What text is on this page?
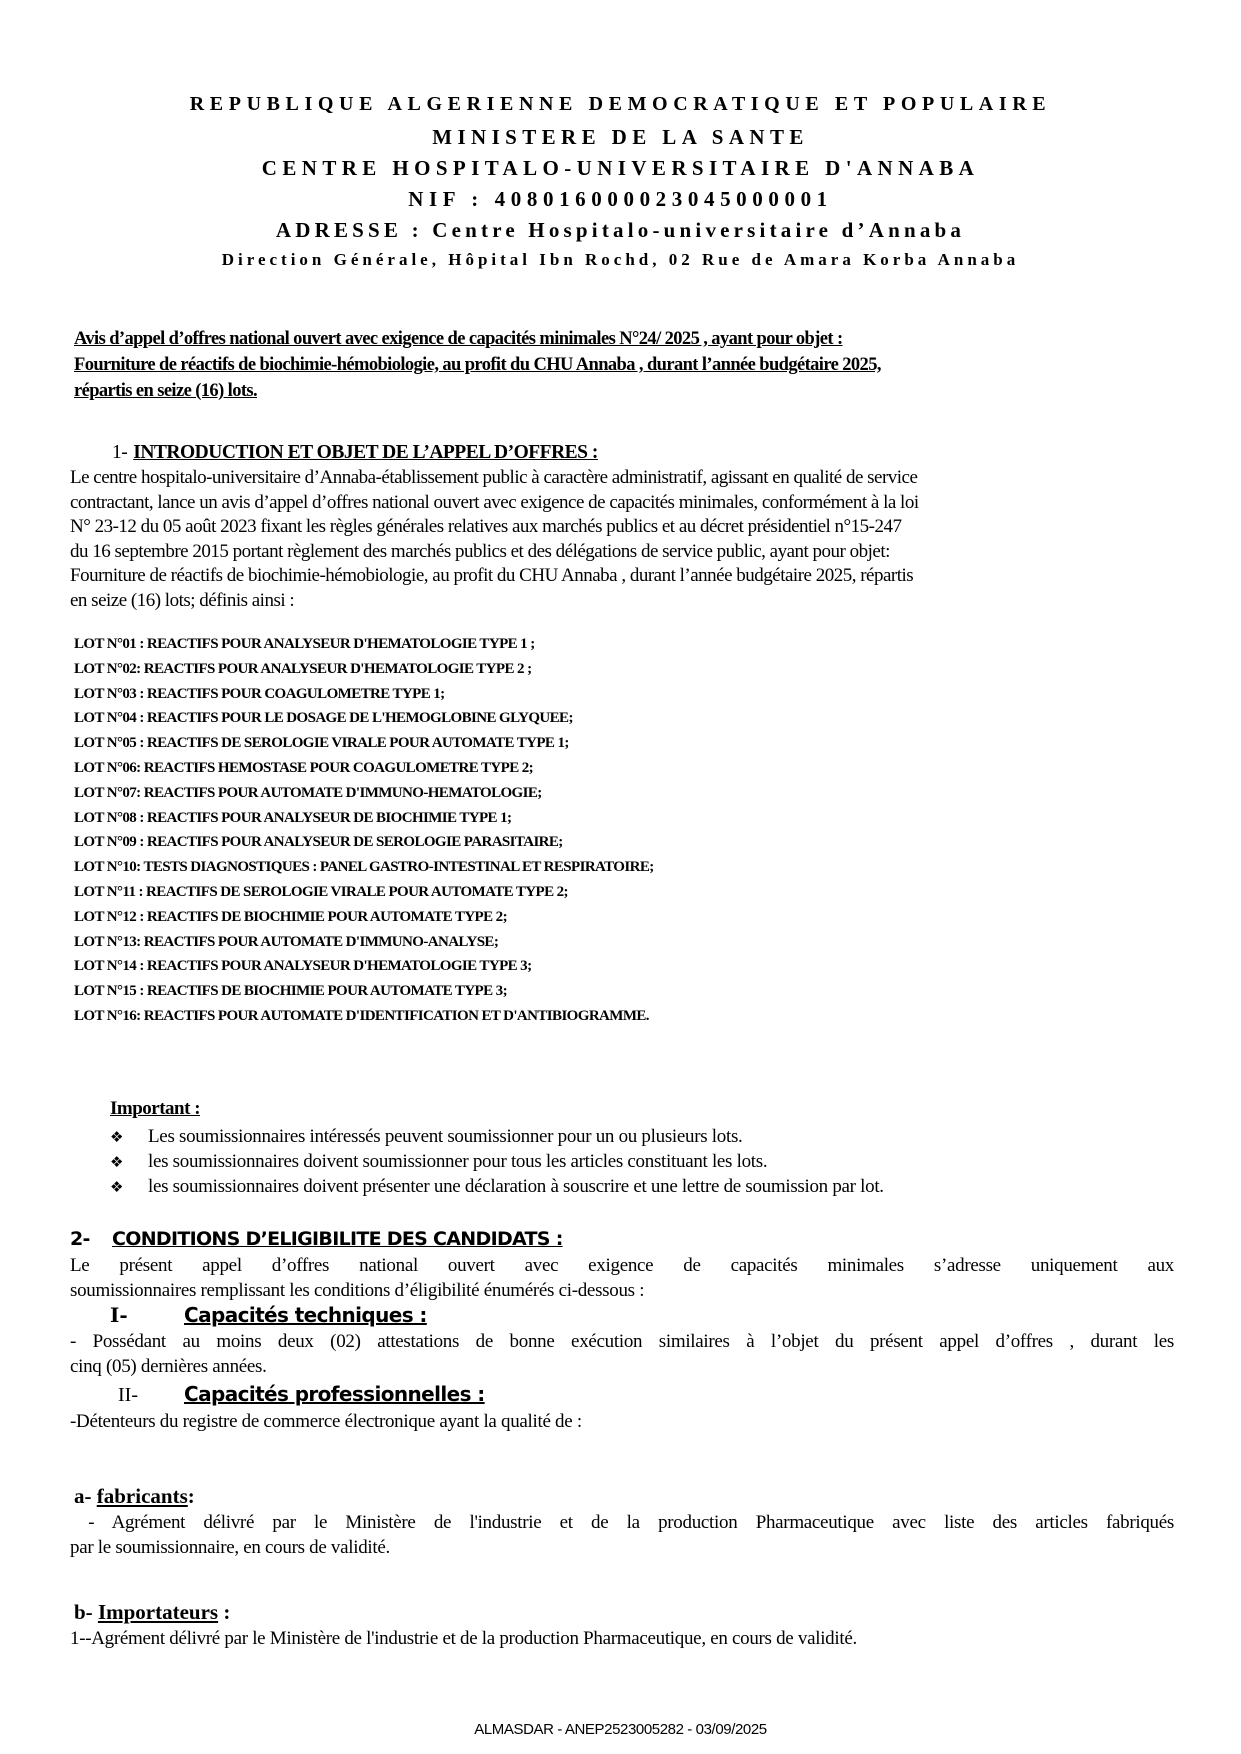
REPUBLIQUE ALGERIENNE DEMOCRATIQUE ET POPULAIRE
MINISTERE DE LA SANTE
CENTRE HOSPITALO-UNIVERSITAIRE D'ANNABA
NIF : 408016000023045000001
ADRESSE : Centre Hospitalo-universitaire d’Annaba
Direction Générale, Hôpital Ibn Rochd, 02 Rue de Amara Korba Annaba
Avis d’appel d’offres national ouvert avec exigence de capacités minimales N°24/ 2025 , ayant pour objet :
Fourniture de réactifs de biochimie-hémobiologie, au profit du CHU Annaba , durant l’année budgétaire 2025,
répartis en seize (16) lots.
1- INTRODUCTION ET OBJET DE L’APPEL D’OFFRES :
Le centre hospitalo-universitaire d’Annaba-établissement public à caractère administratif, agissant en qualité de service
contractant, lance un avis d’appel d’offres national ouvert avec exigence de capacités minimales, conformément à la loi
N° 23-12 du 05 août 2023 fixant les règles générales relatives aux marchés publics et au décret présidentiel n°15-247
du 16 septembre 2015 portant règlement des marchés publics et des délégations de service public, ayant pour objet:
Fourniture de réactifs de biochimie-hémobiologie, au profit du CHU Annaba , durant l’année budgétaire 2025, répartis
en seize (16) lots; définis ainsi :
LOT N°01 : REACTIFS POUR ANALYSEUR D'HEMATOLOGIE TYPE 1 ;
LOT N°02: REACTIFS POUR ANALYSEUR D'HEMATOLOGIE TYPE 2 ;
LOT N°03 : REACTIFS POUR COAGULOMETRE TYPE 1;
LOT N°04 : REACTIFS POUR LE DOSAGE DE L'HEMOGLOBINE GLYQUEE;
LOT N°05 : REACTIFS DE SEROLOGIE VIRALE POUR AUTOMATE TYPE 1;
LOT N°06: REACTIFS HEMOSTASE POUR COAGULOMETRE TYPE 2;
LOT N°07: REACTIFS POUR AUTOMATE D'IMMUNO-HEMATOLOGIE;
LOT N°08 : REACTIFS POUR ANALYSEUR DE BIOCHIMIE TYPE 1;
LOT N°09 : REACTIFS POUR ANALYSEUR DE SEROLOGIE PARASITAIRE;
LOT N°10: TESTS DIAGNOSTIQUES : PANEL GASTRO-INTESTINAL ET RESPIRATOIRE;
LOT N°11 : REACTIFS DE SEROLOGIE VIRALE POUR AUTOMATE TYPE 2;
LOT N°12 : REACTIFS DE BIOCHIMIE POUR AUTOMATE TYPE 2;
LOT N°13: REACTIFS POUR AUTOMATE D'IMMUNO-ANALYSE;
LOT N°14 : REACTIFS POUR ANALYSEUR D'HEMATOLOGIE TYPE 3;
LOT N°15 : REACTIFS DE BIOCHIMIE POUR AUTOMATE TYPE 3;
LOT N°16: REACTIFS POUR AUTOMATE D'IDENTIFICATION ET D'ANTIBIOGRAMME.
Important :
❖ Les soumissionnaires intéressés peuvent soumissionner pour un ou plusieurs lots.
❖ les soumissionnaires doivent soumissionner pour tous les articles constituant les lots.
❖ les soumissionnaires doivent présenter une déclaration à souscrire et une lettre de soumission par lot.
2- CONDITIONS D’ELIGIBILITE DES CANDIDATS :
Le présent appel d’offres national ouvert avec exigence de capacités minimales s’adresse uniquement aux
soumissionnaires remplissant les conditions d’éligibilité énumérés ci-dessous :
I-	Capacités techniques :
- Possédant au moins deux (02) attestations de bonne exécution similaires à l’objet du présent appel d’offres , durant les
cinq (05) dernières années.
II- Capacités professionnelles :
-Détenteurs du registre de commerce électronique ayant la qualité de :
a- fabricants:
- Agrément délivré par le Ministère de l'industrie et de la production Pharmaceutique avec liste des articles fabriqués
par le soumissionnaire, en cours de validité.
b- Importateurs :
1--Agrément délivré par le Ministère de l'industrie et de la production Pharmaceutique, en cours de validité.
ALMASDAR - ANEP2523005282 - 03/09/2025
